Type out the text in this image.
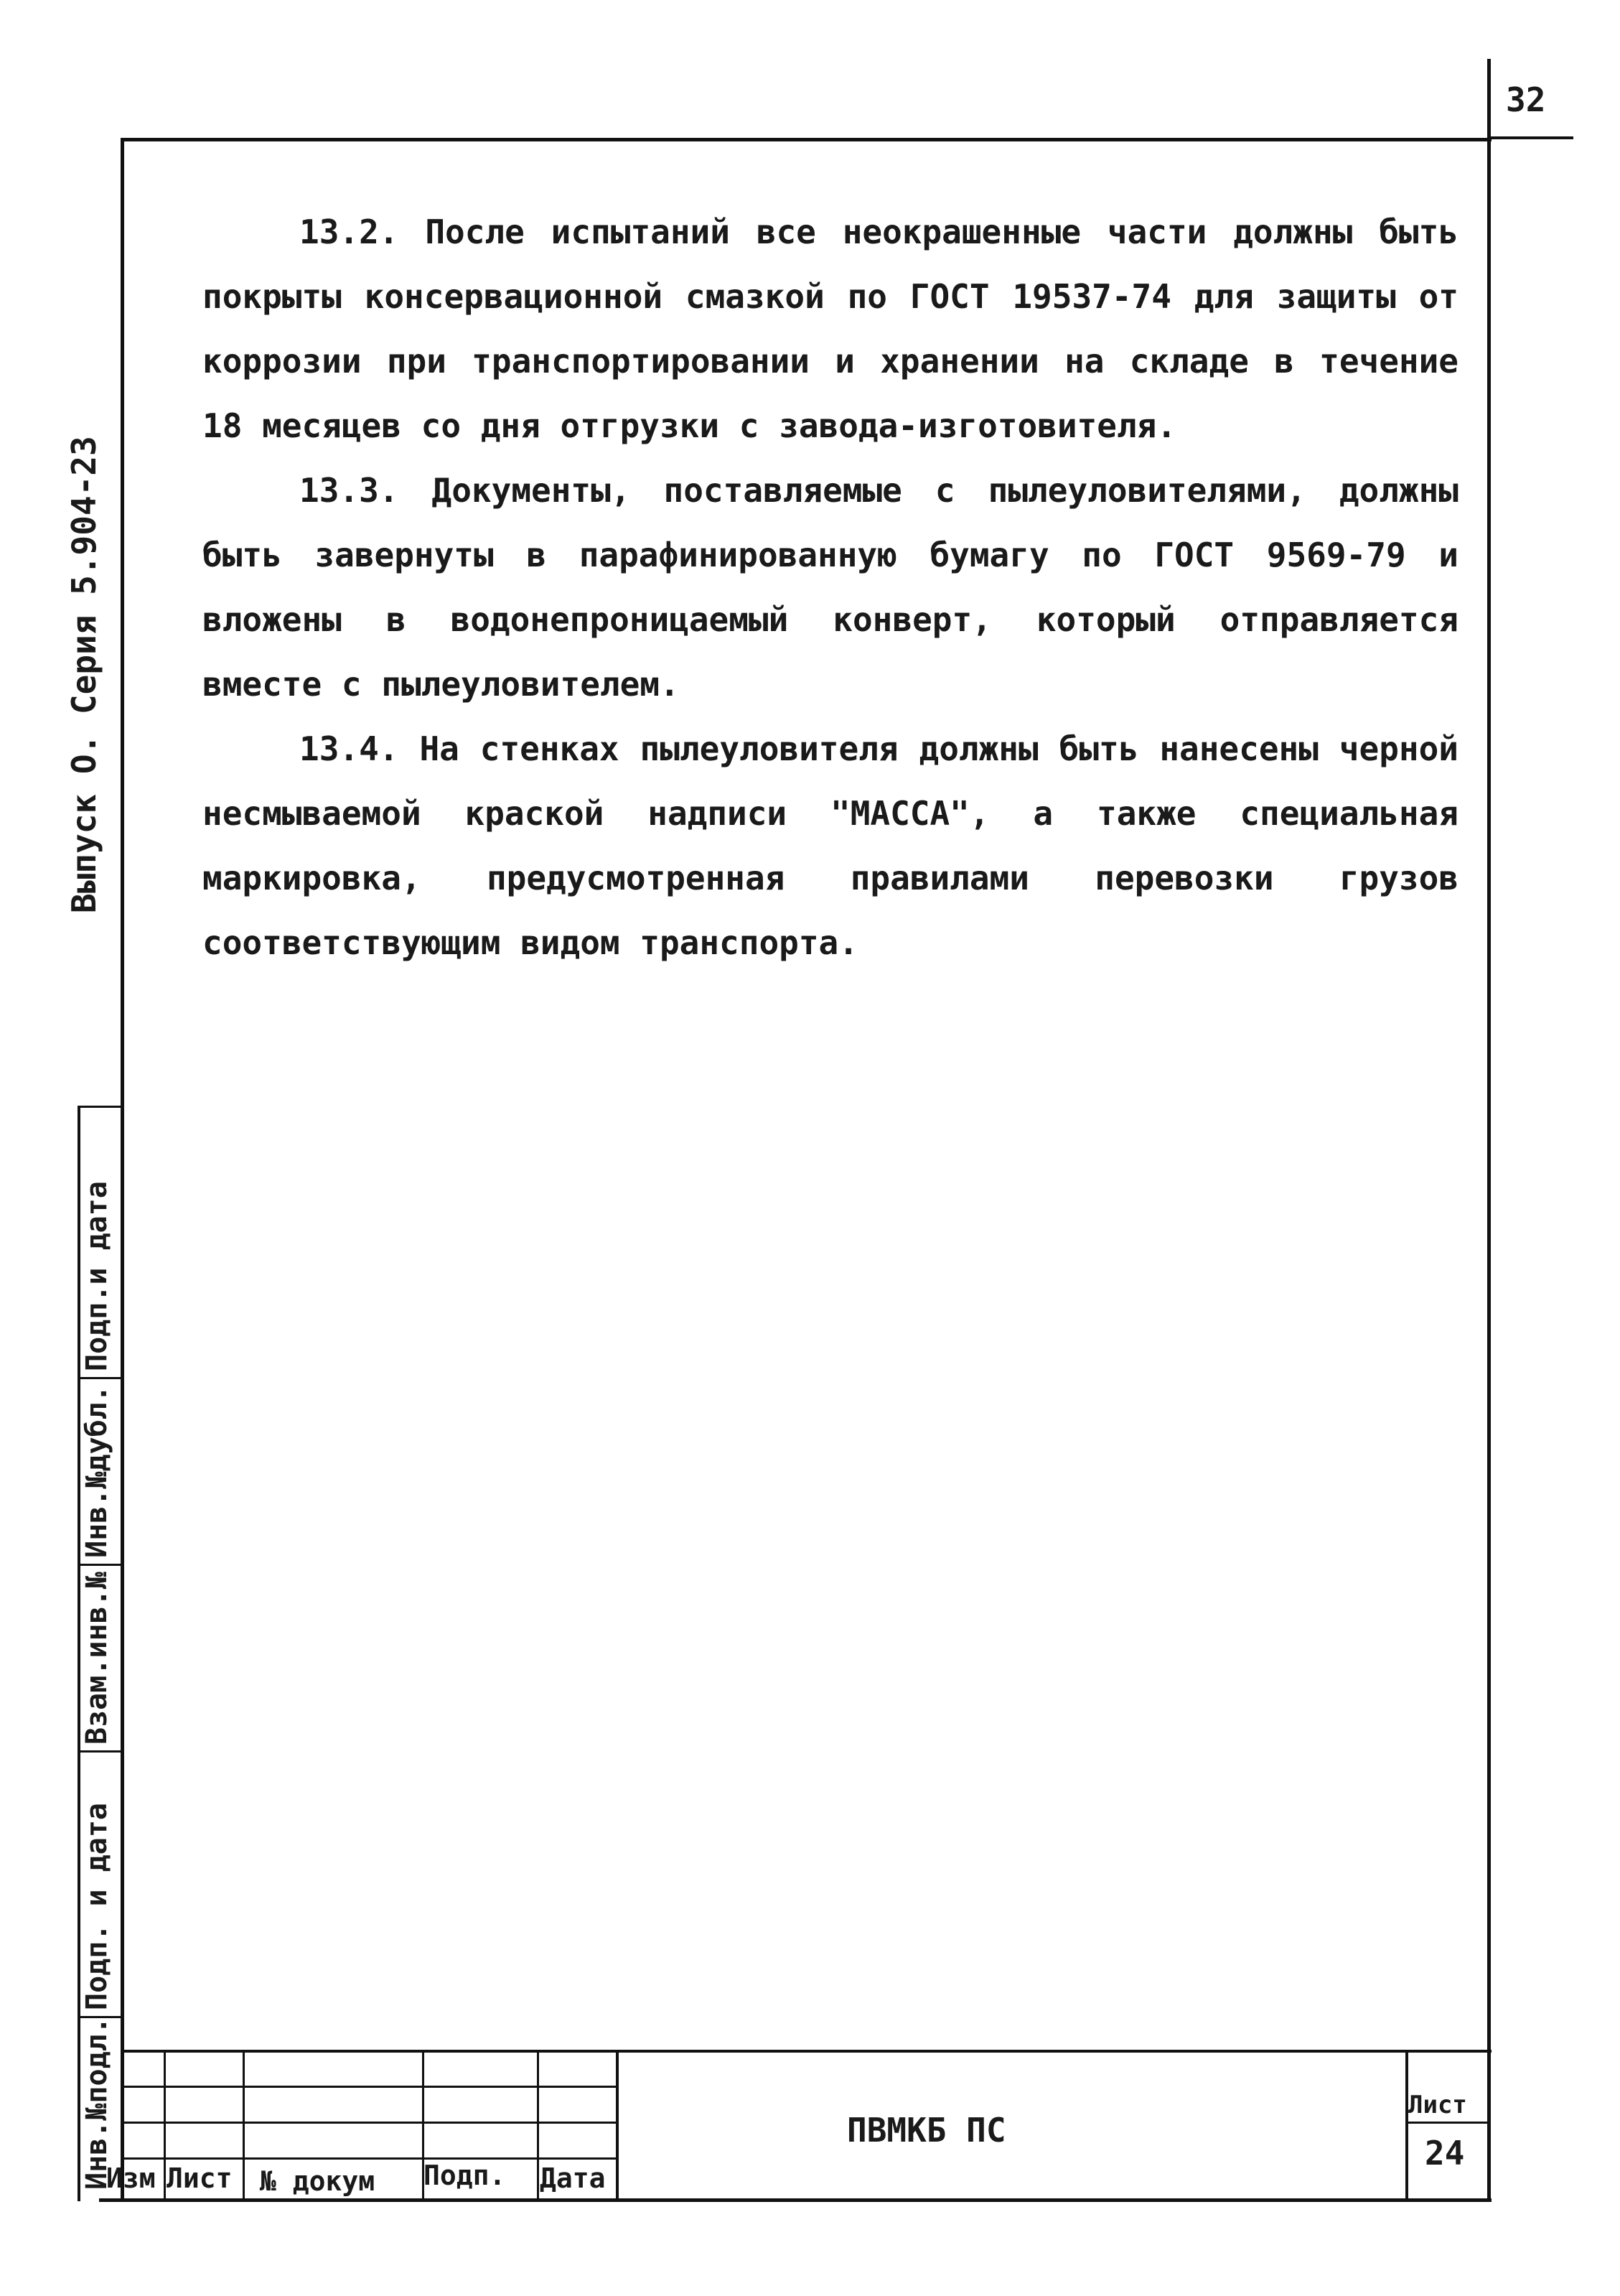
32
Выпуск О. Серия 5.904-23
Инв.№подл.
Подп. и дата
Взам.инв.№
Инв.№дубл.
Подп.и дата
13.2. После испытаний все неокрашенные части должны быть покрыты консервационной смазкой по ГОСТ 19537-74 для защиты от коррозии при транспортировании и хранении на складе в течение 18 месяцев со дня отгрузки с завода-изготовителя.
13.3. Документы, поставляемые с пылеуловителями, должны быть завернуты в парафинированную бумагу по ГОСТ 9569-79 и вложены в водонепроницаемый конверт, который отправляется вместе с пылеуловителем.
13.4. На стенках пылеуловителя должны быть нанесены черной несмываемой краской надписи "МАССА", а также специальная маркировка, предусмотренная правилами перевозки грузов соответствующим видом транспорта.
Изм Лист № докум Подп. Дата
ПВМКБ ПС
Лист
24
